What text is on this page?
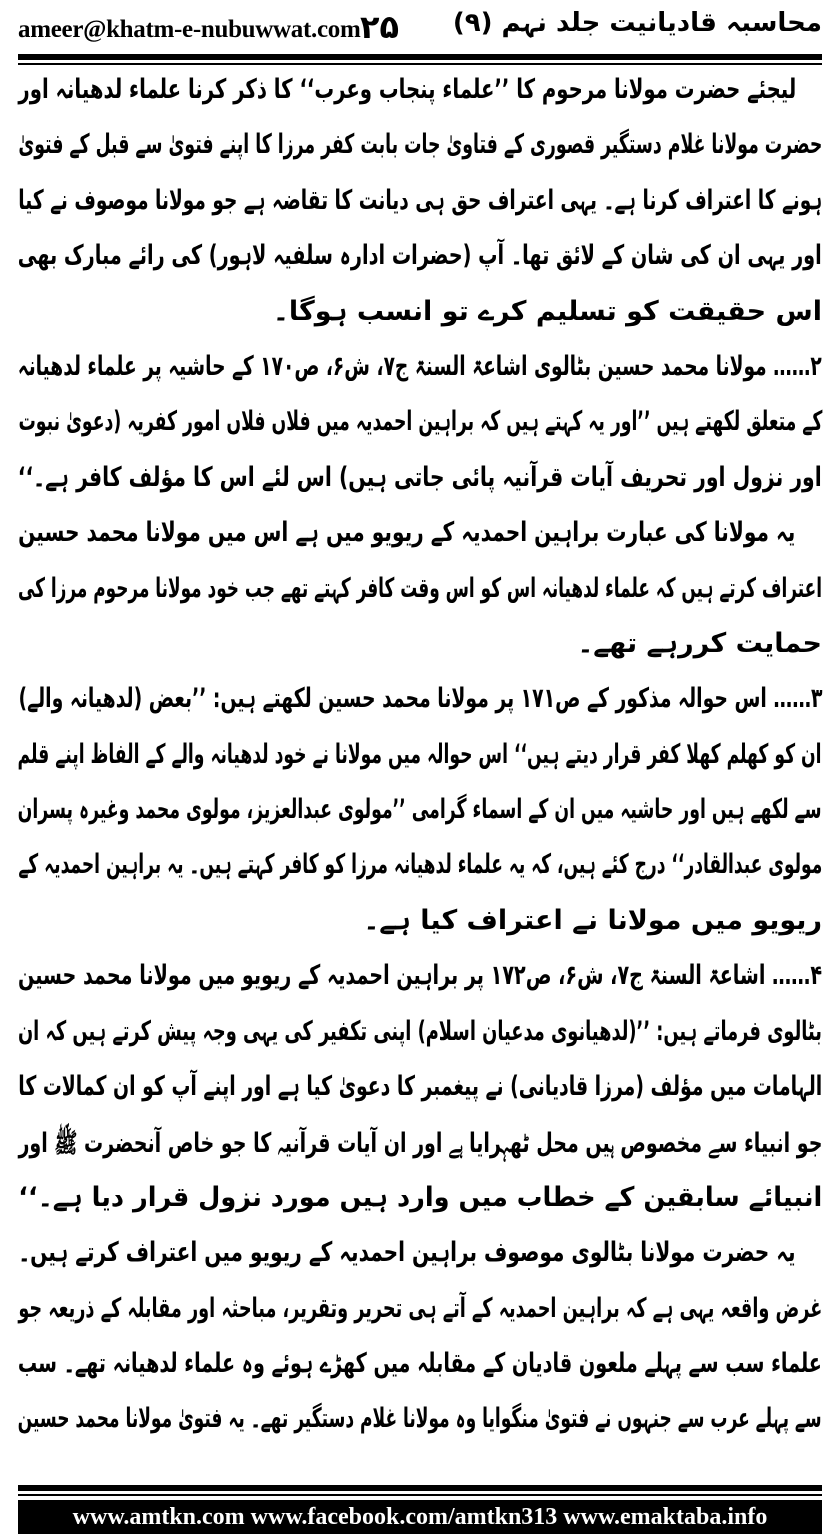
ameer@khatm-e-nubuwwat.com ۲۵ محاسبہ قادیانیت جلد نہم (۹)
لیجئے حضرت مولانا مرحوم کا ’’علماء پنجاب وعرب‘‘ کا ذکر کرنا علماء لدھیانہ اور
حضرت مولانا غلام دستگیر قصوری کے فتاویٰ جات بابت کفر مرزا کا اپنے فتویٰ سے قبل کے فتویٰ
ہونے کا اعتراف کرنا ہے۔ یہی اعتراف حق ہی دیانت کا تقاضہ ہے جو مولانا موصوف نے کیا
اور یہی ان کی شان کے لائق تھا۔ آپ (حضرات ادارہ سلفیہ لاہور) کی رائے مبارک بھی
اس حقیقت کو تسلیم کرے تو انسب ہوگا۔
۲…… مولانا محمد حسین بٹالوی اشاعۃ السنۃ ج۷، ش۶، ص۱۷۰ کے حاشیہ پر علماء لدھیانہ
کے متعلق لکھتے ہیں ’’اور یہ کہتے ہیں کہ براہین احمدیہ میں فلاں فلاں امور کفریہ (دعویٰ نبوت
اور نزول اور تحریف آیات قرآنیہ پائی جاتی ہیں) اس لئے اس کا مؤلف کافر ہے۔‘‘
یہ مولانا کی عبارت براہین احمدیہ کے ریویو میں ہے اس میں مولانا محمد حسین
اعتراف کرتے ہیں کہ علماء لدھیانہ اس کو اس وقت کافر کہتے تھے جب خود مولانا مرحوم مرزا کی
حمایت کررہے تھے۔
۳…… اس حوالہ مذکور کے ص۱۷۱ پر مولانا محمد حسین لکھتے ہیں: ’’بعض (لدھیانہ والے)
ان کو کھلم کھلا کفر قرار دیتے ہیں‘‘ اس حوالہ میں مولانا نے خود لدھیانہ والے کے الفاظ اپنے قلم
سے لکھے ہیں اور حاشیہ میں ان کے اسماء گرامی ’’مولوی عبدالعزیز، مولوی محمد وغیرہ پسران
مولوی عبدالقادر‘‘ درج کئے ہیں، کہ یہ علماء لدھیانہ مرزا کو کافر کہتے ہیں۔ یہ براہین احمدیہ کے
ریویو میں مولانا نے اعتراف کیا ہے۔
۴…… اشاعۃ السنۃ ج۷، ش۶، ص۱۷۲ پر براہین احمدیہ کے ریویو میں مولانا محمد حسین
بٹالوی فرماتے ہیں: ’’(لدھیانوی مدعیان اسلام) اپنی تکفیر کی یہی وجہ پیش کرتے ہیں کہ ان
الہامات میں مؤلف (مرزا قادیانی) نے پیغمبر کا دعویٰ کیا ہے اور اپنے آپ کو ان کمالات کا
جو انبیاء سے مخصوص ہیں محل ٹھہرایا ہے اور ان آیات قرآنیہ کا جو خاص آنحضرت ﷺ اور
انبیائے سابقین کے خطاب میں وارد ہیں مورد نزول قرار دیا ہے۔‘‘
یہ حضرت مولانا بٹالوی موصوف براہین احمدیہ کے ریویو میں اعتراف کرتے ہیں۔
غرض واقعہ یہی ہے کہ براہین احمدیہ کے آتے ہی تحریر وتقریر، مباحثہ اور مقابلہ کے ذریعہ جو
علماء سب سے پہلے ملعون قادیان کے مقابلہ میں کھڑے ہوئے وہ علماء لدھیانہ تھے۔ سب
سے پہلے عرب سے جنہوں نے فتویٰ منگوایا وہ مولانا غلام دستگیر تھے۔ یہ فتویٰ مولانا محمد حسین
www.amtkn.com www.facebook.com/amtkn313 www.emaktaba.info
